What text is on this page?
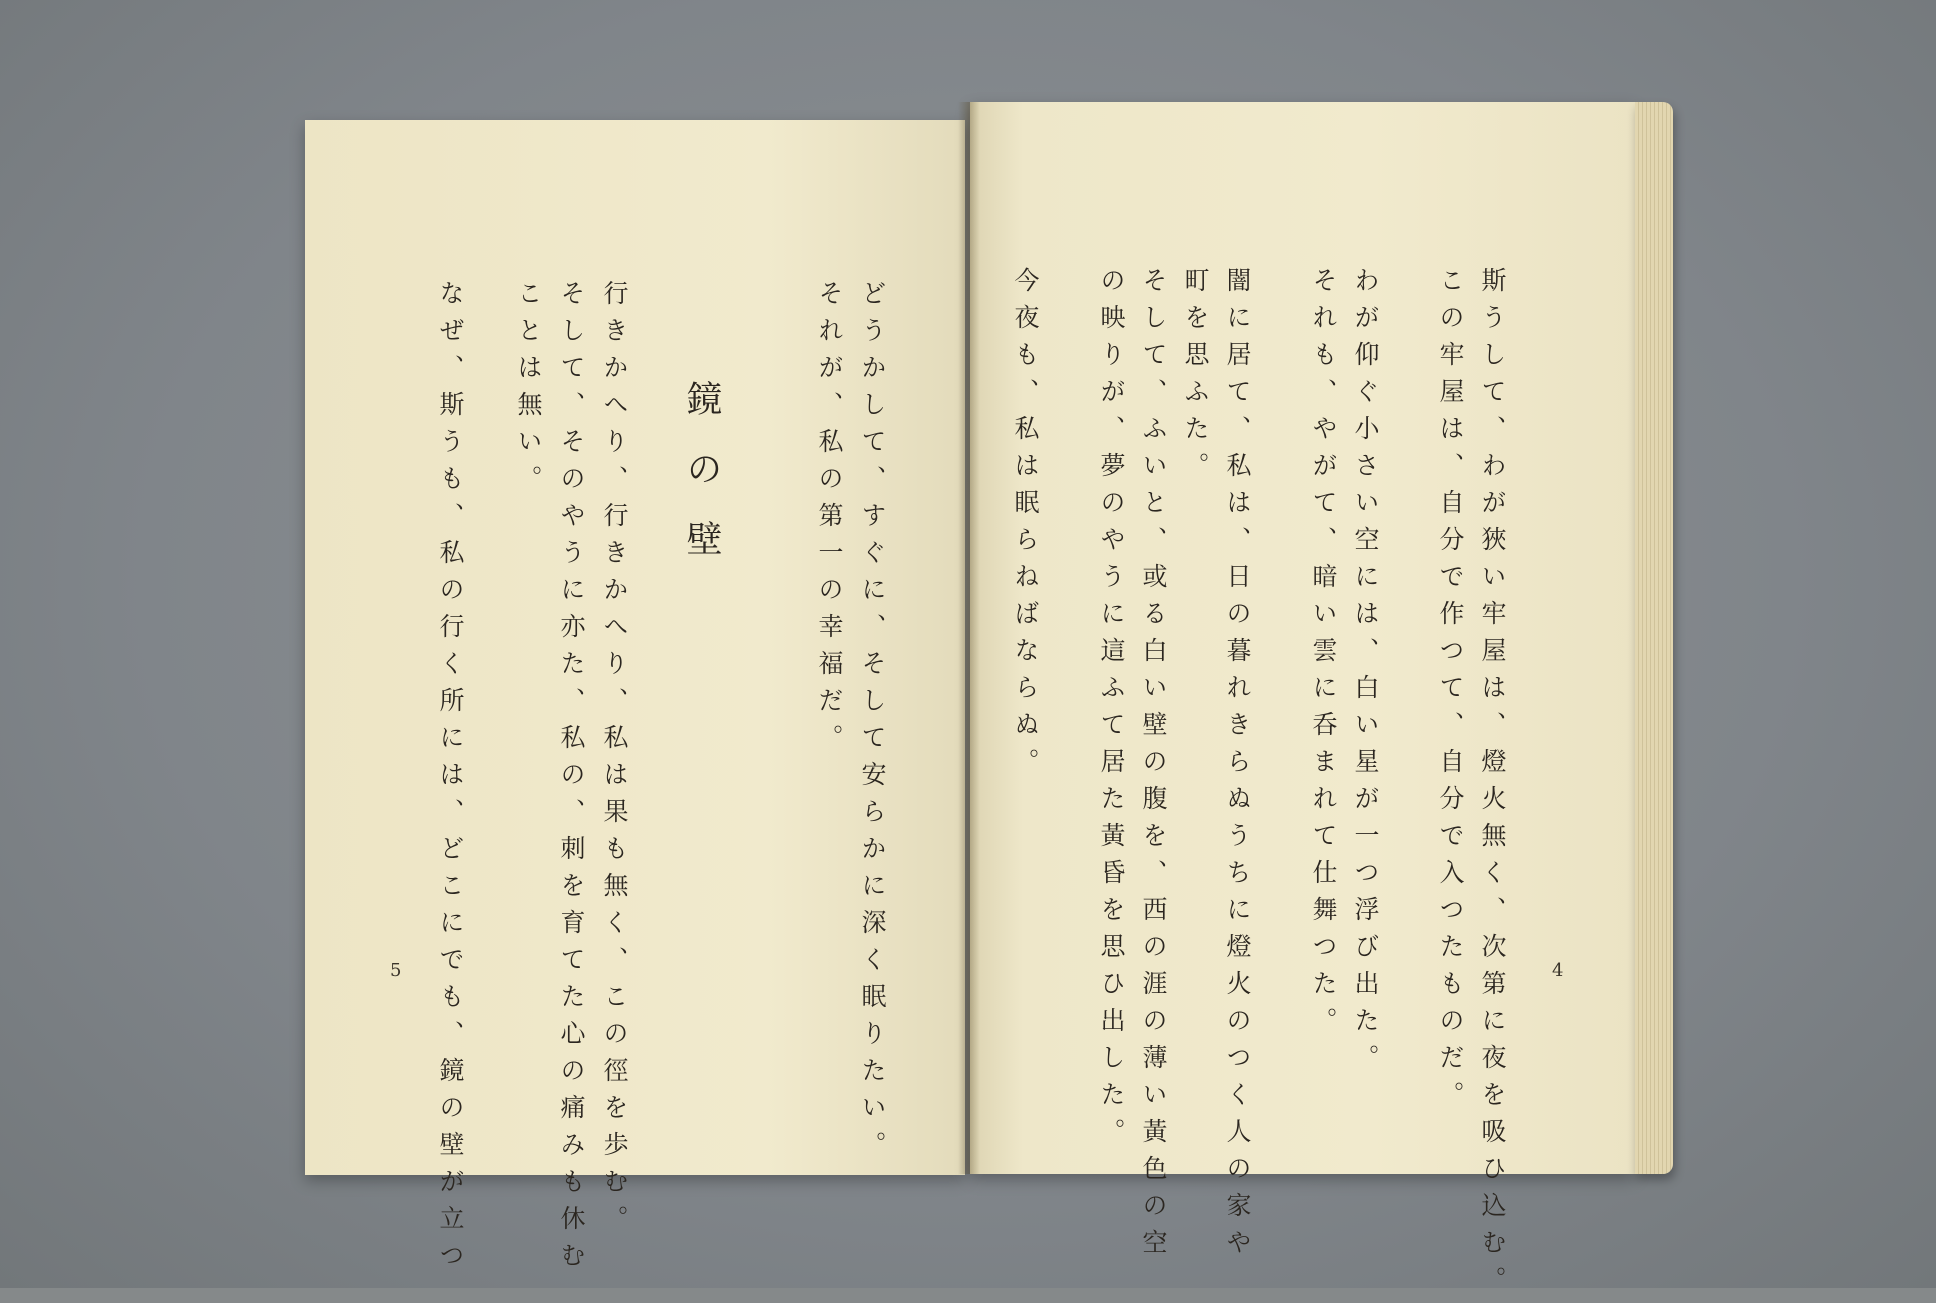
どうかして、すぐに、そして安らかに深く眠りたい。
それが、私の第一の幸福だ。
行きかへり、行きかへり、私は果も無く、この徑を歩む。
そして、そのやうに亦た、私の、刺を育てた心の痛みも休む
ことは無い。
なぜ、斯うも、私の行く所には、どこにでも、鏡の壁が立つ
5
鏡の壁	斯うして、わが狹い牢屋は、燈火無く、次第に夜を吸ひ込む。
この牢屋は、自分で作つて、自分で入つたものだ。
わが仰ぐ小さい空には、白い星が一つ浮び出た。
それも、やがて、暗い雲に呑まれて仕舞つた。
闇に居て、私は、日の暮れきらぬうちに燈火のつく人の家や
町を思ふた。
そして、ふいと、或る白い壁の腹を、西の涯の薄い黃色の空
の映りが、夢のやうに這ふて居た黃昏を思ひ出した。
今夜も、私は眠らねばならぬ。
4
